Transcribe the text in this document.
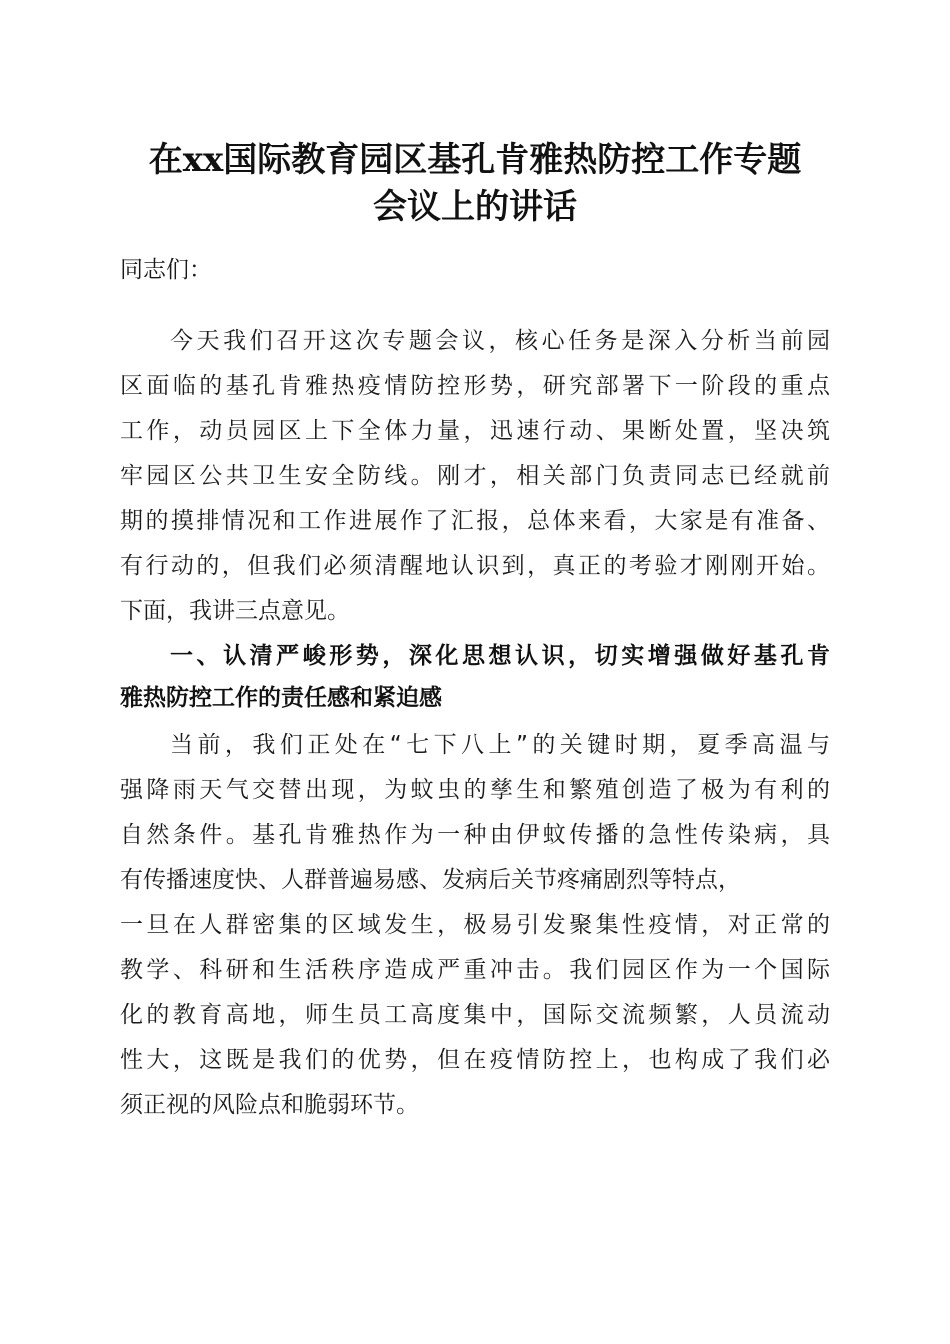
在xx国际教育园区基孔肯雅热防控工作专题
会议上的讲话
同志们：
今天我们召开这次专题会议，核心任务是深入分析当前园
区面临的基孔肯雅热疫情防控形势，研究部署下一阶段的重点
工作，动员园区上下全体力量，迅速行动、果断处置，坚决筑
牢园区公共卫生安全防线。刚才，相关部门负责同志已经就前
期的摸排情况和工作进展作了汇报，总体来看，大家是有准备、
有行动的，但我们必须清醒地认识到，真正的考验才刚刚开始。
下面，我讲三点意见。
一、认清严峻形势，深化思想认识，切实增强做好基孔肯
雅热防控工作的责任感和紧迫感
当前，我们正处在“七下八上”的关键时期，夏季高温与
强降雨天气交替出现，为蚊虫的孳生和繁殖创造了极为有利的
自然条件。基孔肯雅热作为一种由伊蚊传播的急性传染病，具
有传播速度快、人群普遍易感、发病后关节疼痛剧烈等特点，
一旦在人群密集的区域发生，极易引发聚集性疫情，对正常的
教学、科研和生活秩序造成严重冲击。我们园区作为一个国际
化的教育高地，师生员工高度集中，国际交流频繁，人员流动
性大，这既是我们的优势，但在疫情防控上，也构成了我们必
须正视的风险点和脆弱环节。
